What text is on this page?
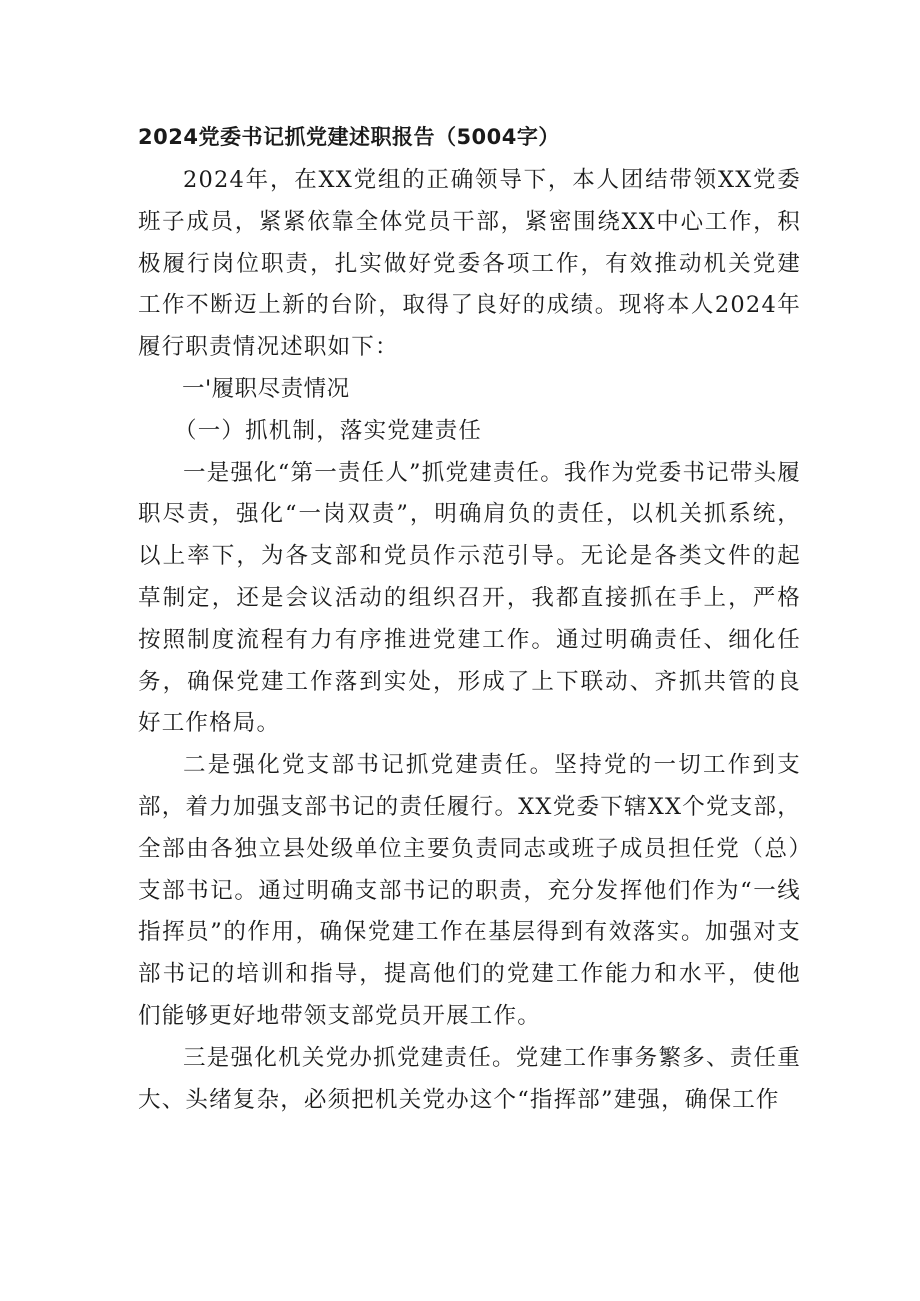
2024党委书记抓党建述职报告（5004字）

2024年，在XX党组的正确领导下，本人团结带领XX党委班子成员，紧紧依靠全体党员干部，紧密围绕XX中心工作，积极履行岗位职责，扎实做好党委各项工作，有效推动机关党建工作不断迈上新的台阶，取得了良好的成绩。现将本人2024年履行职责情况述职如下：

一'履职尽责情况

（一）抓机制，落实党建责任

一是强化“第一责任人”抓党建责任。我作为党委书记带头履职尽责，强化“一岗双责”，明确肩负的责任，以机关抓系统，以上率下，为各支部和党员作示范引导。无论是各类文件的起草制定，还是会议活动的组织召开，我都直接抓在手上，严格按照制度流程有力有序推进党建工作。通过明确责任、细化任务，确保党建工作落到实处，形成了上下联动、齐抓共管的良好工作格局。

二是强化党支部书记抓党建责任。坚持党的一切工作到支部，着力加强支部书记的责任履行。XX党委下辖XX个党支部，全部由各独立县处级单位主要负责同志或班子成员担任党（总）支部书记。通过明确支部书记的职责，充分发挥他们作为“一线指挥员”的作用，确保党建工作在基层得到有效落实。加强对支部书记的培训和指导，提高他们的党建工作能力和水平，使他们能够更好地带领支部党员开展工作。

三是强化机关党办抓党建责任。党建工作事务繁多、责任重大、头绪复杂，必须把机关党办这个“指挥部”建强，确保工作
